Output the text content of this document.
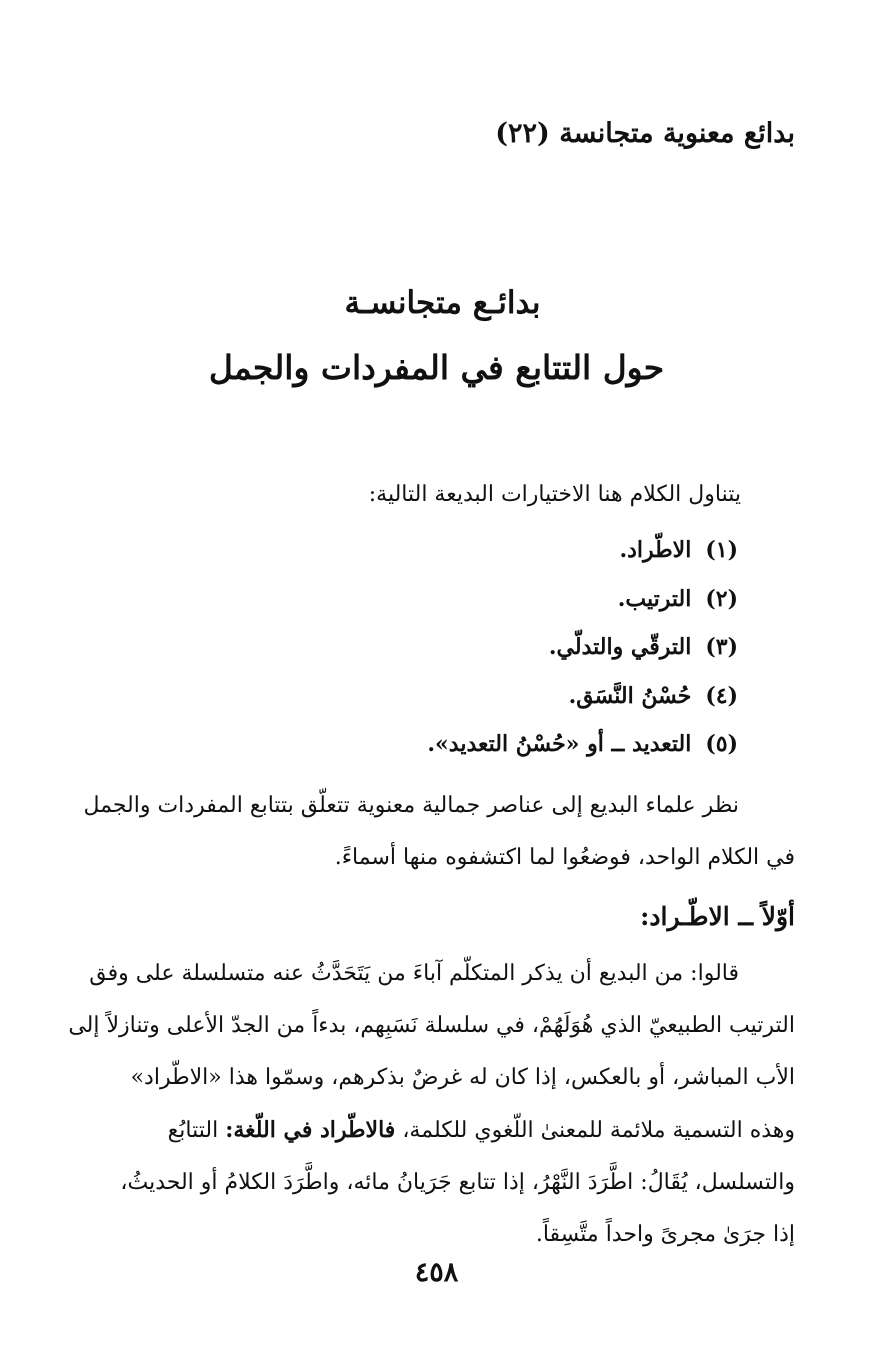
بدائع معنوية متجانسة (٢٢)
بدائـع متجانسـة
حول التتابع في المفردات والجمل
يتناول الكلام هنا الاختيارات البديعة التالية:
(١)الاطّراد.
(٢)الترتيب.
(٣)الترقّي والتدلّي.
(٤)حُسْنُ النَّسَق.
(٥)التعديد ــ أو «حُسْنُ التعديد».

نظر علماء البديع إلى عناصر جمالية معنوية تتعلّق بتتابع المفردات والجمل
في الكلام الواحد، فوضعُوا لما اكتشفوه منها أسماءً.

أوّلاً ــ الاطّـراد:

قالوا: من البديع أن يذكر المتكلّم آباءَ من يَتَحَدَّثُ عنه متسلسلة على وفق
الترتيب الطبيعيّ الذي هُوَلَهُمْ، في سلسلة نَسَبِهم، بدءاً من الجدّ الأعلى وتنازلاً إلى
الأب المباشر، أو بالعكس، إذا كان له غرضٌ بذكرهم، وسمّوا هذا «الاطّراد»
وهذه التسمية ملائمة للمعنىٰ اللّغوي للكلمة، فالاطّراد في اللّغة: التتابُع
والتسلسل، يُقَالُ: اطَّرَدَ النَّهْرُ، إذا تتابع جَرَيانُ مائه، واطَّرَدَ الكلامُ أو الحديثُ،
إذا جرَىٰ مجرىً واحداً متَّسِقاً.

٤٥٨
